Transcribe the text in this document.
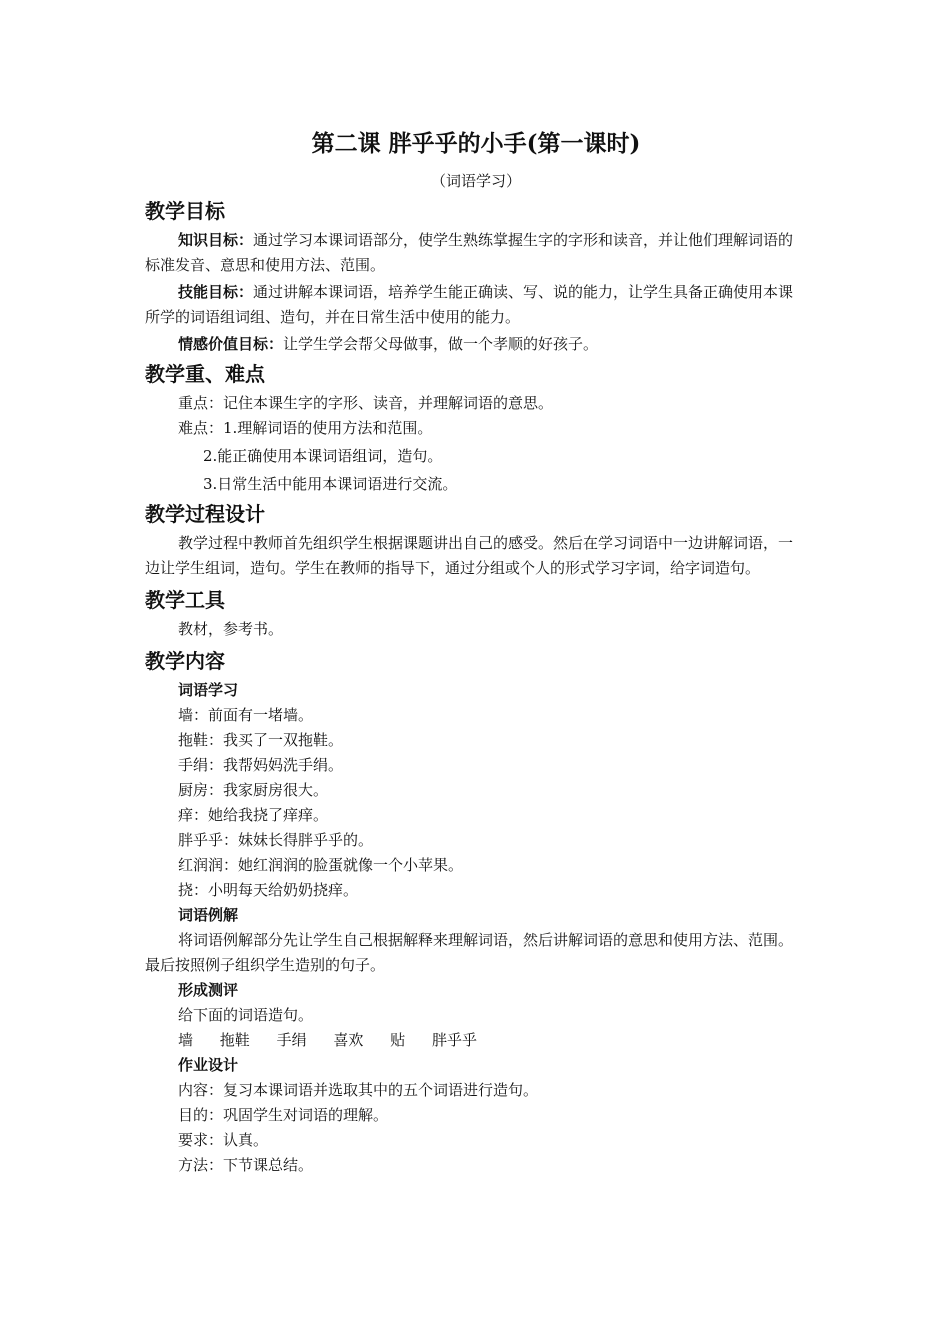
第二课 胖乎乎的小手(第一课时)
（词语学习）
教学目标

知识目标：通过学习本课词语部分，使学生熟练掌握生字的字形和读音，并让他们理解词语的标准发音、意思和使用方法、范围。

技能目标：通过讲解本课词语，培养学生能正确读、写、说的能力，让学生具备正确使用本课所学的词语组词组、造句，并在日常生活中使用的能力。

情感价值目标：让学生学会帮父母做事，做一个孝顺的好孩子。

教学重、难点

重点：记住本课生字的字形、读音，并理解词语的意思。

难点：1.理解词语的使用方法和范围。

2.能正确使用本课词语组词，造句。

3.日常生活中能用本课词语进行交流。

教学过程设计

教学过程中教师首先组织学生根据课题讲出自己的感受。然后在学习词语中一边讲解词语，一边让学生组词，造句。学生在教师的指导下，通过分组或个人的形式学习字词，给字词造句。

教学工具

教材，参考书。

教学内容
词语学习

墙：前面有一堵墙。

拖鞋：我买了一双拖鞋。

手绢：我帮妈妈洗手绢。

厨房：我家厨房很大。

痒：她给我挠了痒痒。

胖乎乎：妹妹长得胖乎乎的。

红润润：她红润润的脸蛋就像一个小苹果。

挠：小明每天给奶奶挠痒。

词语例解

将词语例解部分先让学生自己根据解释来理解词语，然后讲解词语的意思和使用方法、范围。最后按照例子组织学生造别的句子。

形成测评

给下面的词语造句。

墙 拖鞋 手绢 喜欢 贴 胖乎乎
作业设计

内容：复习本课词语并选取其中的五个词语进行造句。

目的：巩固学生对词语的理解。

要求：认真。

方法：下节课总结。
